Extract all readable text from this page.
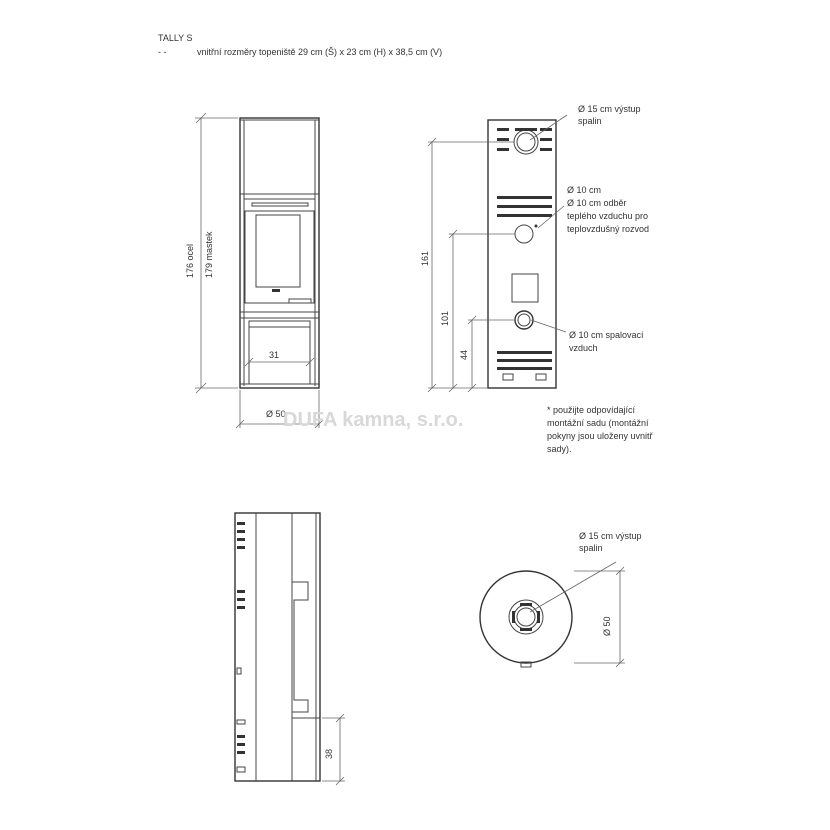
TALLY S
- -	vnitřní rozměry topeniště 29 cm (Š) x 23 cm (H) x 38,5 cm (V)
176 ocel 179 mastek
31
Ø 50
161
101
44
Ø 15 cm výstup
spalin
Ø 10 cm
Ø 10 cm odběr
teplého vzduchu pro
teplovzdušný rozvod
Ø 10 cm spalovací
vzduch
DUFA kamna, s.r.o.	* použijte odpovídající
montážní sadu (montážní
pokyny jsou uloženy uvnitř
sady).
38
Ø 15 cm výstup
spalin
Ø 50
